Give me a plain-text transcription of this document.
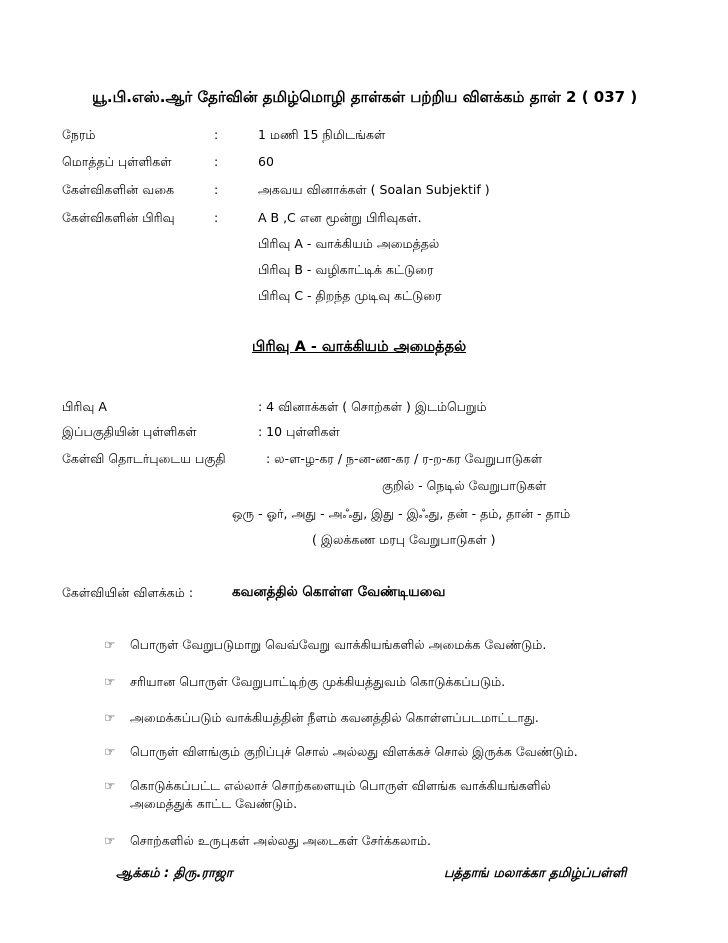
யூ.பி.எஸ்.ஆர் தேர்வின் தமிழ்மொழி தாள்கள் பற்றிய விளக்கம் தாள் 2 ( 037 )
நேரம்	:	1 மணி 15 நிமிடங்கள்
மொத்தப் புள்ளிகள்	:	60
கேள்விகளின் வகை	:	அகவய வினாக்கள் ( Soalan Subjektif )
கேள்விகளின் பிரிவு	:	A B ,C என மூன்று பிரிவுகள்.
பிரிவு A - வாக்கியம் அமைத்தல்
பிரிவு B - வழிகாட்டிக் கட்டுரை
பிரிவு C - திறந்த முடிவு கட்டுரை
பிரிவு A - வாக்கியம் அமைத்தல்
பிரிவு A	: 4 வினாக்கள் ( சொற்கள் ) இடம்பெறும்
இப்பகுதியின் புள்ளிகள்	: 10 புள்ளிகள்
கேள்வி தொடர்புடைய பகுதி	: ல-ள-ழ-கர / ந-ன-ண-கர / ர-ற-கர வேறுபாடுகள்
குறில் - நெடில் வேறுபாடுகள்
ஒரு - ஓர், அது - அஃது, இது - இஃது, தன் - தம், தான் - தாம்
( இலக்கண மரபு வேறுபாடுகள் )
கேள்வியின் விளக்கம் :	கவனத்தில் கொள்ள வேண்டியவை
☞ பொருள் வேறுபடுமாறு வெவ்வேறு வாக்கியங்களில் அமைக்க வேண்டும்.
☞ சரியான பொருள் வேறுபாட்டிற்கு முக்கியத்துவம் கொடுக்கப்படும்.
☞ அமைக்கப்படும் வாக்கியத்தின் நீளம் கவனத்தில் கொள்ளப்படமாட்டாது.
☞ பொருள் விளங்கும் குறிப்புச் சொல் அல்லது விளக்கச் சொல் இருக்க வேண்டும்.
☞ கொடுக்கப்பட்ட எல்லாச் சொற்களையும் பொருள் விளங்க வாக்கியங்களில் அமைத்துக் காட்ட வேண்டும்.
☞ சொற்களில் உருபுகள் அல்லது அடைகள் சேர்க்கலாம்.
ஆக்கம் : திரு.ராஜா	பத்தாங் மலாக்கா தமிழ்ப்பள்ளி
